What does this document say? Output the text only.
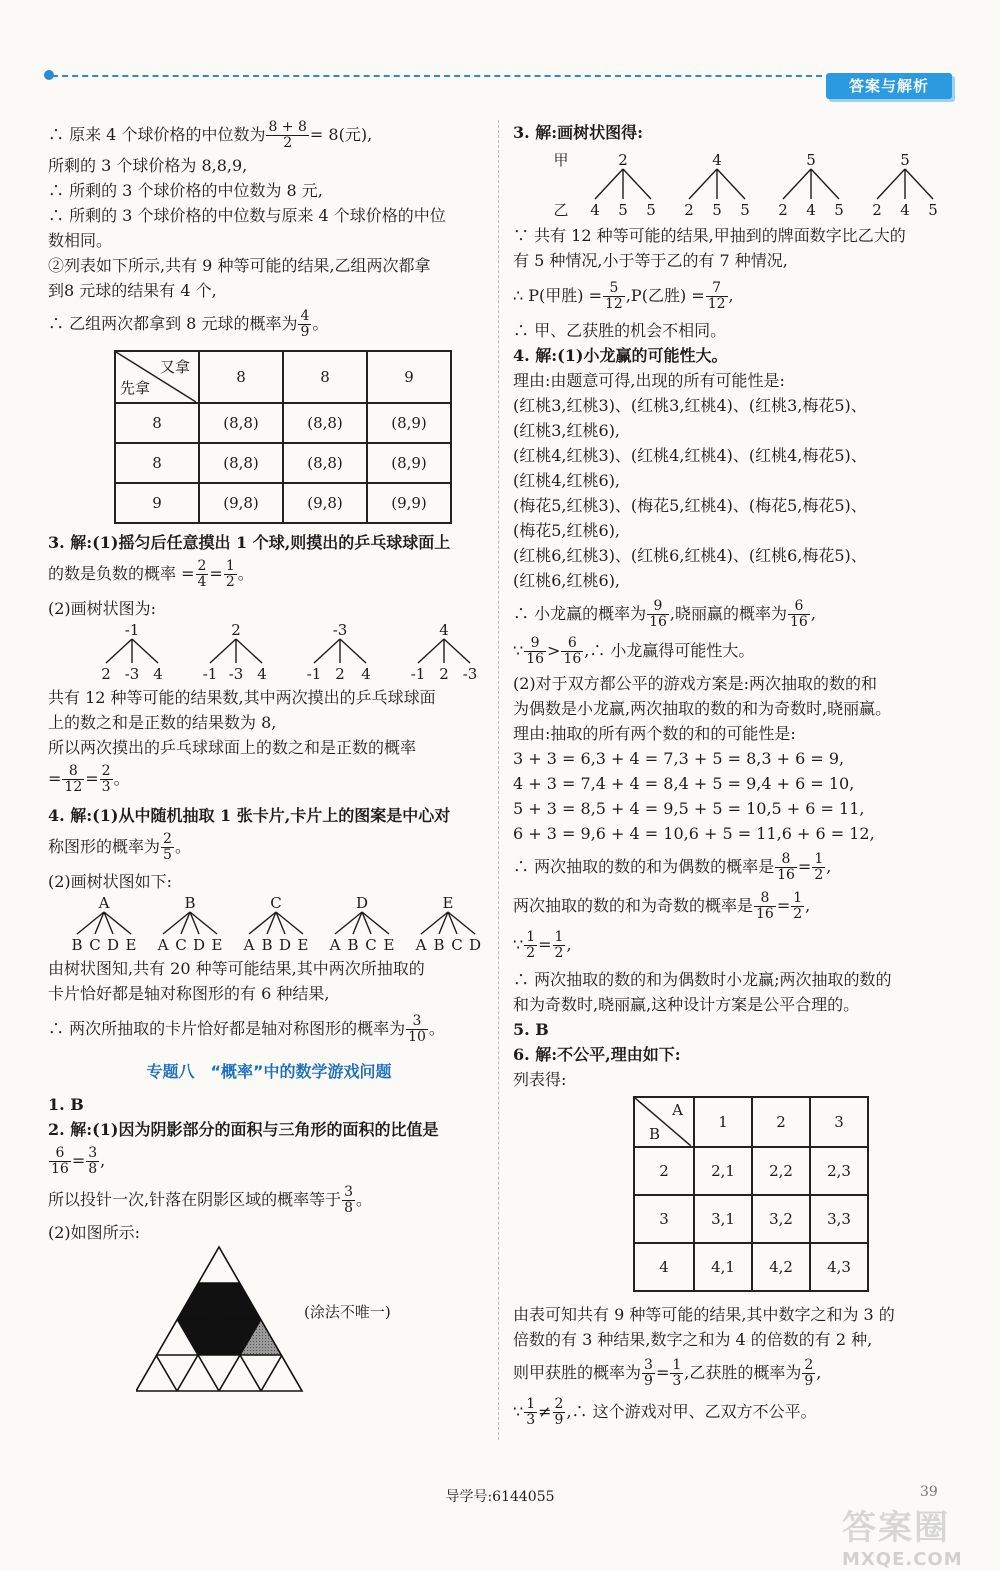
答案与解析

∴ 原来 4 个球价格的中位数为 $\frac{8 + 8}{2} = 8$(元),

所剩的 3 个球价格为 8,8,9,

∴ 所剩的 3 个球价格的中位数为 8 元,

∴ 所剩的 3 个球价格的中位数与原来 4 个球价格的中位

数相同。

②列表如下所示,共有 9 种等可能的结果,乙组两次都拿

到8 元球的结果有 4 个,

∴ 乙组两次都拿到 8 元球的概率为 $\frac{4}{9}$ 。

又拿
先拿	8	8	9
8	(8,8)	(8,8)	(8,9)
8	(8,8)	(8,8)	(8,9)
9	(9,8)	(9,8)	(9,9)

3. 解:(1)摇匀后任意摸出 1 个球,则摸出的乒乓球球面上

的数是负数的概率 = $\frac{2}{4} = \frac{1}{2}$ 。

(2)画树状图为:

-1
2 -3 4
2
-1 -3 4
-3
-1 2 4
4
-1 2 -3

共有 12 种等可能的结果数,其中两次摸出的乒乓球球面

上的数之和是正数的结果数为 8,

所以两次摸出的乒乓球球面上的数之和是正数的概率

= $\frac{8}{12} = \frac{2}{3}$ 。

4. 解:(1)从中随机抽取 1 张卡片,卡片上的图案是中心对

称图形的概率为 $\frac{2}{5}$ 。

(2)画树状图如下:

A
B C D E
B
A C D E
C
A B D E
D
A B C E
E
A B C D

由树状图知,共有 20 种等可能结果,其中两次所抽取的

卡片恰好都是轴对称图形的有 6 种结果,

∴ 两次所抽取的卡片恰好都是轴对称图形的概率为 $\frac{3}{10}$ 。

专题八　“概率”中的数学游戏问题

1. B

2. 解:(1)因为阴影部分的面积与三角形的面积的比值是

$\frac{6}{16} = \frac{3}{8}$ ,

所以投针一次,针落在阴影区域的概率等于 $\frac{3}{8}$ 。

(2)如图所示:

(涂法不唯一)

3. 解:画树状图得:

2
4 5 5
4
2 5 5
5
2 4 5
5
2 4 5
甲
乙

∵ 共有 12 种等可能的结果,甲抽到的牌面数字比乙大的

有 5 种情况,小于等于乙的有 7 种情况,

∴ P(甲胜) = $\frac{5}{12} ,P$(乙胜) = $\frac{7}{12}$ ,

∴ 甲、乙获胜的机会不相同。

4. 解:(1)小龙赢的可能性大。

理由:由题意可得,出现的所有可能性是:

(红桃3,红桃3)、(红桃3,红桃4)、(红桃3,梅花5)、

(红桃3,红桃6),

(红桃4,红桃3)、(红桃4,红桃4)、(红桃4,梅花5)、

(红桃4,红桃6),

(梅花5,红桃3)、(梅花5,红桃4)、(梅花5,梅花5)、

(梅花5,红桃6),

(红桃6,红桃3)、(红桃6,红桃4)、(红桃6,梅花5)、

(红桃6,红桃6),

∴ 小龙赢的概率为 $\frac{9}{16}$ ,晓丽赢的概率为 $\frac{6}{16}$ ,

∵ $\frac{9}{16} > \frac{6}{16}$ ,∴ 小龙赢得可能性大。

(2)对于双方都公平的游戏方案是:两次抽取的数的和

为偶数是小龙赢,两次抽取的数的和为奇数时,晓丽赢。

理由:抽取的所有两个数的和的可能性是:

3 + 3 = 6,3 + 4 = 7,3 + 5 = 8,3 + 6 = 9,

4 + 3 = 7,4 + 4 = 8,4 + 5 = 9,4 + 6 = 10,

5 + 3 = 8,5 + 4 = 9,5 + 5 = 10,5 + 6 = 11,

6 + 3 = 9,6 + 4 = 10,6 + 5 = 11,6 + 6 = 12,

∴ 两次抽取的数的和为偶数的概率是 $\frac{8}{16} = \frac{1}{2}$ ,

两次抽取的数的和为奇数的概率是 $\frac{8}{16} = \frac{1}{2}$ ,

∵ $\frac{1}{2} = \frac{1}{2}$ ,

∴ 两次抽取的数的和为偶数时小龙赢;两次抽取的数的

和为奇数时,晓丽赢,这种设计方案是公平合理的。

5. B

6. 解:不公平,理由如下:

列表得:

A
B	1	2	3
2	2,1	2,2	2,3
3	3,1	3,2	3,3
4	4,1	4,2	4,3

由表可知共有 9 种等可能的结果,其中数字之和为 3 的

倍数的有 3 种结果,数字之和为 4 的倍数的有 2 种,

则甲获胜的概率为 $\frac{3}{9} = \frac{1}{3}$ ,乙获胜的概率为 $\frac{2}{9}$ ,

∵ $\frac{1}{3} \ne \frac{2}{9}$ ,∴ 这个游戏对甲、乙双方不公平。

导学号:6144055	39
答案圈
MXQE.COM
